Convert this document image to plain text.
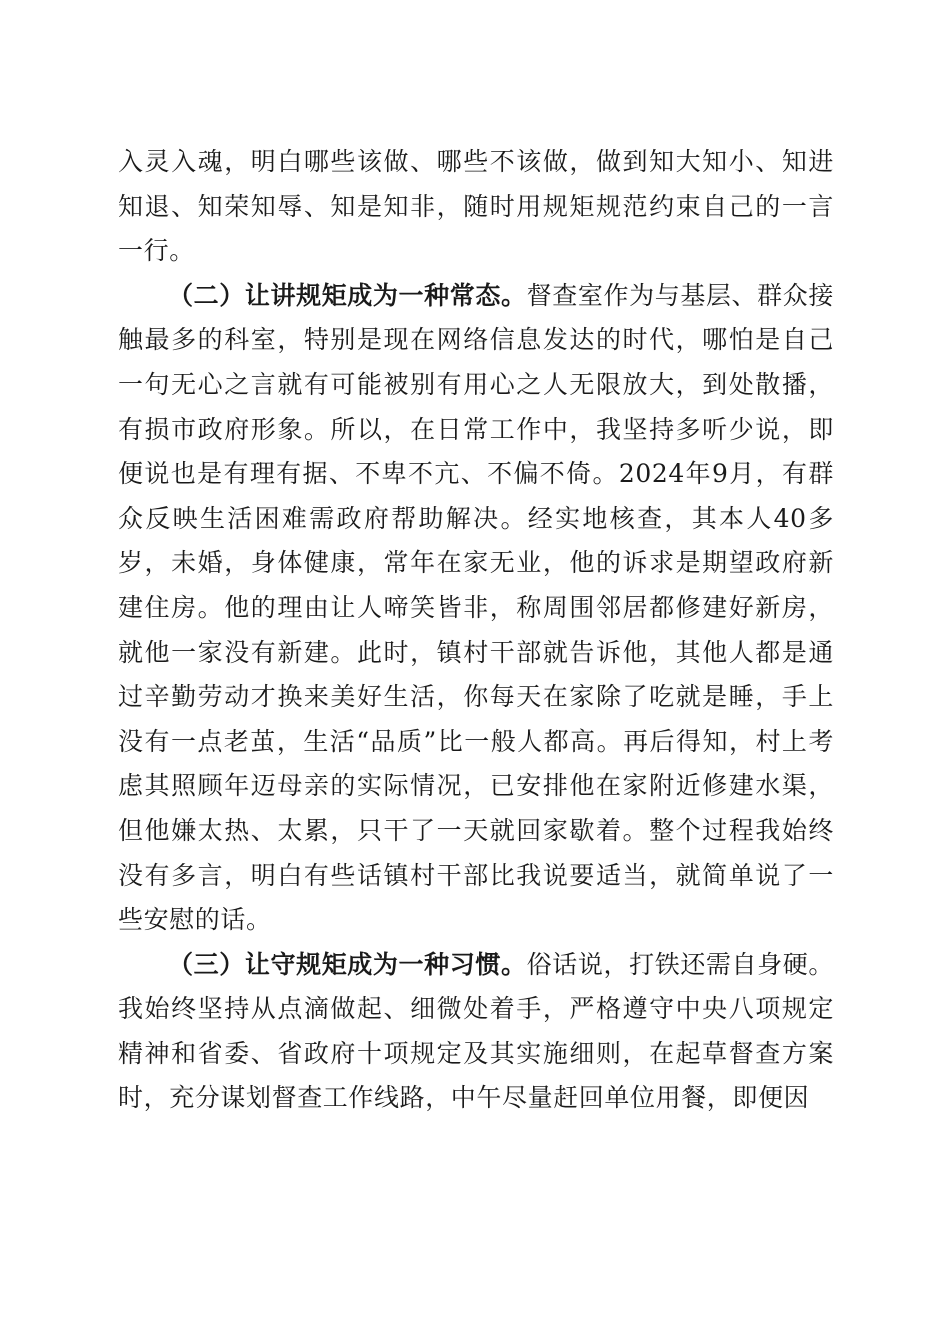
入灵入魂，明白哪些该做、哪些不该做，做到知大知小、知进知退、知荣知辱、知是知非，随时用规矩规范约束自己的一言一行。

（二）让讲规矩成为一种常态。督查室作为与基层、群众接触最多的科室，特别是现在网络信息发达的时代，哪怕是自己一句无心之言就有可能被别有用心之人无限放大，到处散播，有损市政府形象。所以，在日常工作中，我坚持多听少说，即便说也是有理有据、不卑不亢、不偏不倚。2024年9月，有群众反映生活困难需政府帮助解决。经实地核查，其本人40多岁，未婚，身体健康，常年在家无业，他的诉求是期望政府新建住房。他的理由让人啼笑皆非，称周围邻居都修建好新房，就他一家没有新建。此时，镇村干部就告诉他，其他人都是通过辛勤劳动才换来美好生活，你每天在家除了吃就是睡，手上没有一点老茧，生活“品质”比一般人都高。再后得知，村上考虑其照顾年迈母亲的实际情况，已安排他在家附近修建水渠，但他嫌太热、太累，只干了一天就回家歇着。整个过程我始终没有多言，明白有些话镇村干部比我说要适当，就简单说了一些安慰的话。

（三）让守规矩成为一种习惯。俗话说，打铁还需自身硬。我始终坚持从点滴做起、细微处着手，严格遵守中央八项规定精神和省委、省政府十项规定及其实施细则，在起草督查方案时，充分谋划督查工作线路，中午尽量赶回单位用餐，即便因
